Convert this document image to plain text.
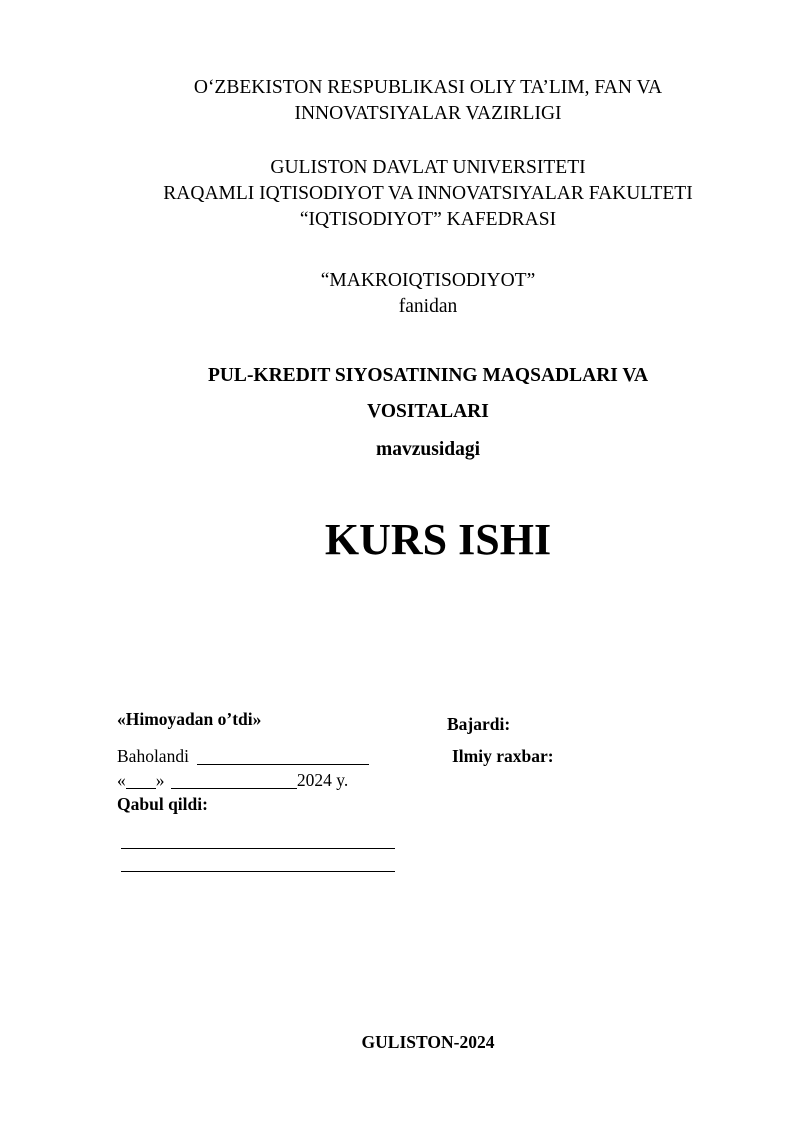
O‘ZBEKISTON RESPUBLIKASI OLIY TA’LIM, FAN VA
INNOVATSIYALAR VAZIRLIGI
GULISTON DAVLAT UNIVERSITETI
RAQAMLI IQTISODIYOT VA INNOVATSIYALAR FAKULTETI
“IQTISODIYOT” KAFEDRASI
“MAKROIQTISODIYOT”
fanidan
PUL-KREDIT SIYOSATINING MAQSADLARI VA
VOSITALARI
mavzusidagi
KURS ISHI
«Himoyadan o’tdi»
Baholandi
« »	2024 y.
Qabul qildi:
Bajardi:
Ilmiy raxbar:
GULISTON-2024
